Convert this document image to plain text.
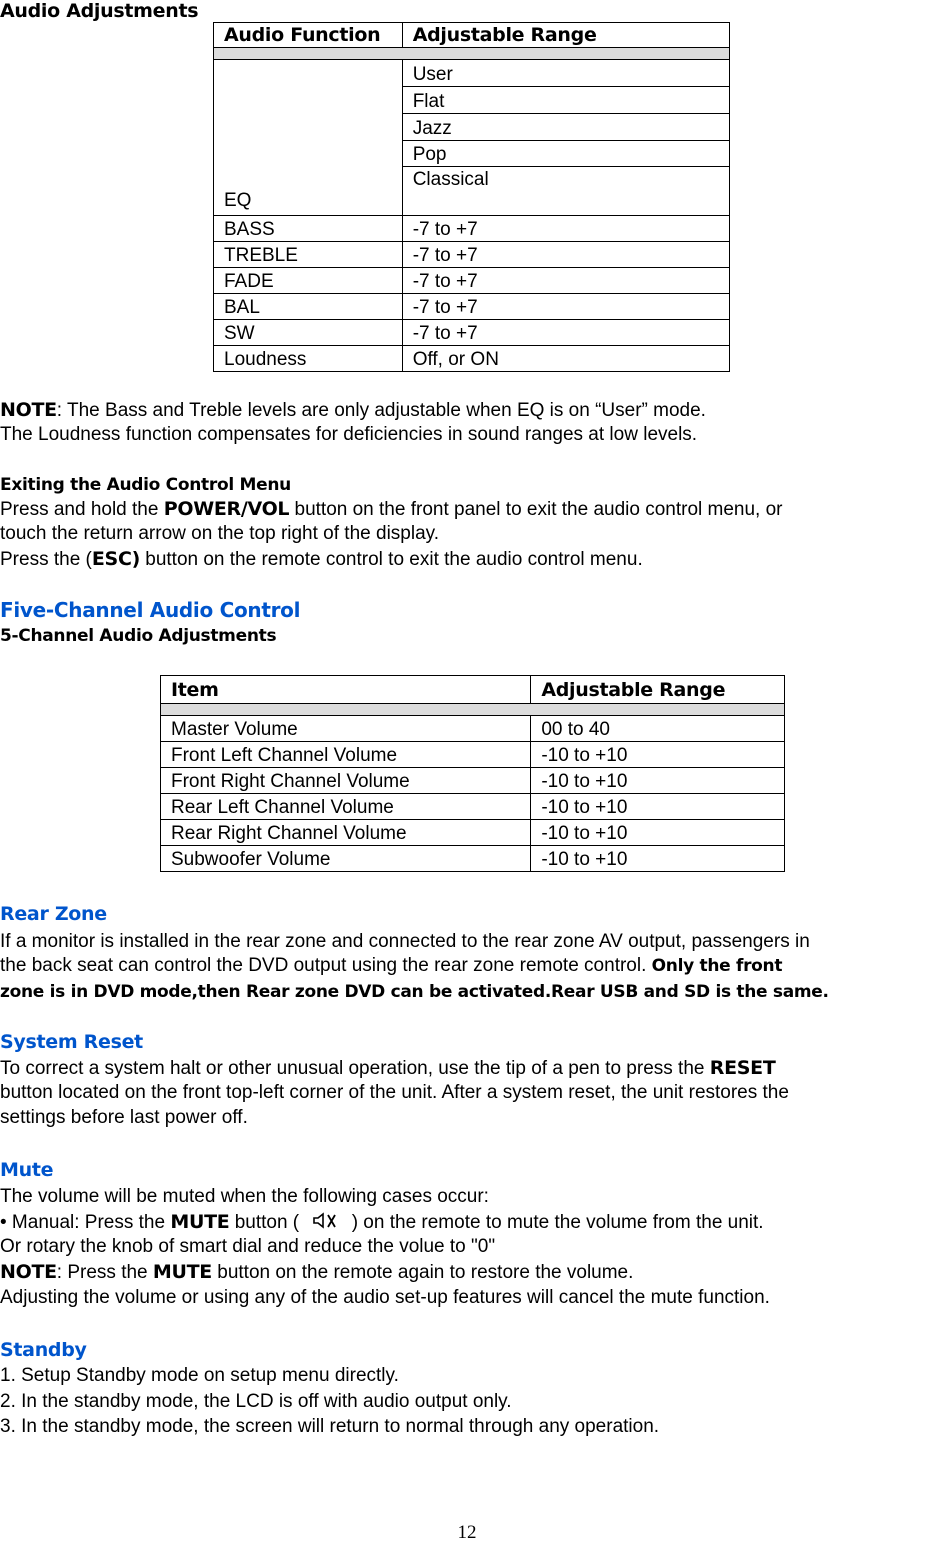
Audio Adjustments
Audio Function	Adjustable Range

EQ	User
	Flat
	Jazz
	Pop
	Classical
BASS	-7 to +7
TREBLE	-7 to +7
FADE	-7 to +7
BAL	-7 to +7
SW	-7 to +7
Loudness	Off, or ON
NOTE: The Bass and Treble levels are only adjustable when EQ is on “User” mode.
The Loudness function compensates for deficiencies in sound ranges at low levels.
Exiting the Audio Control Menu
Press and hold the POWER/VOL button on the front panel to exit the audio control menu, or
touch the return arrow on the top right of the display.
Press the (ESC) button on the remote control to exit the audio control menu.
Five-Channel Audio Control
5-Channel Audio Adjustments
Item	Adjustable Range

Master Volume	00 to 40
Front Left Channel Volume	-10 to +10
Front Right Channel Volume	-10 to +10
Rear Left Channel Volume	-10 to +10
Rear Right Channel Volume	-10 to +10
Subwoofer Volume	-10 to +10
Rear Zone
If a monitor is installed in the rear zone and connected to the rear zone AV output, passengers in
the back seat can control the DVD output using the rear zone remote control. Only the front
zone is in DVD mode,then Rear zone DVD can be activated.Rear USB and SD is the same.
System Reset
To correct a system halt or other unusual operation, use the tip of a pen to press the RESET
button located on the front top-left corner of the unit. After a system reset, the unit restores the
settings before last power off.
Mute
The volume will be muted when the following cases occur:
• Manual: Press the MUTE button (	) on the remote to mute the volume from the unit.
Or rotary the knob of smart dial and reduce the volue to "0"
NOTE: Press the MUTE button on the remote again to restore the volume.
Adjusting the volume or using any of the audio set-up features will cancel the mute function.
Standby
1. Setup Standby mode on setup menu directly.
2. In the standby mode, the LCD is off with audio output only.
3. In the standby mode, the screen will return to normal through any operation.
12
